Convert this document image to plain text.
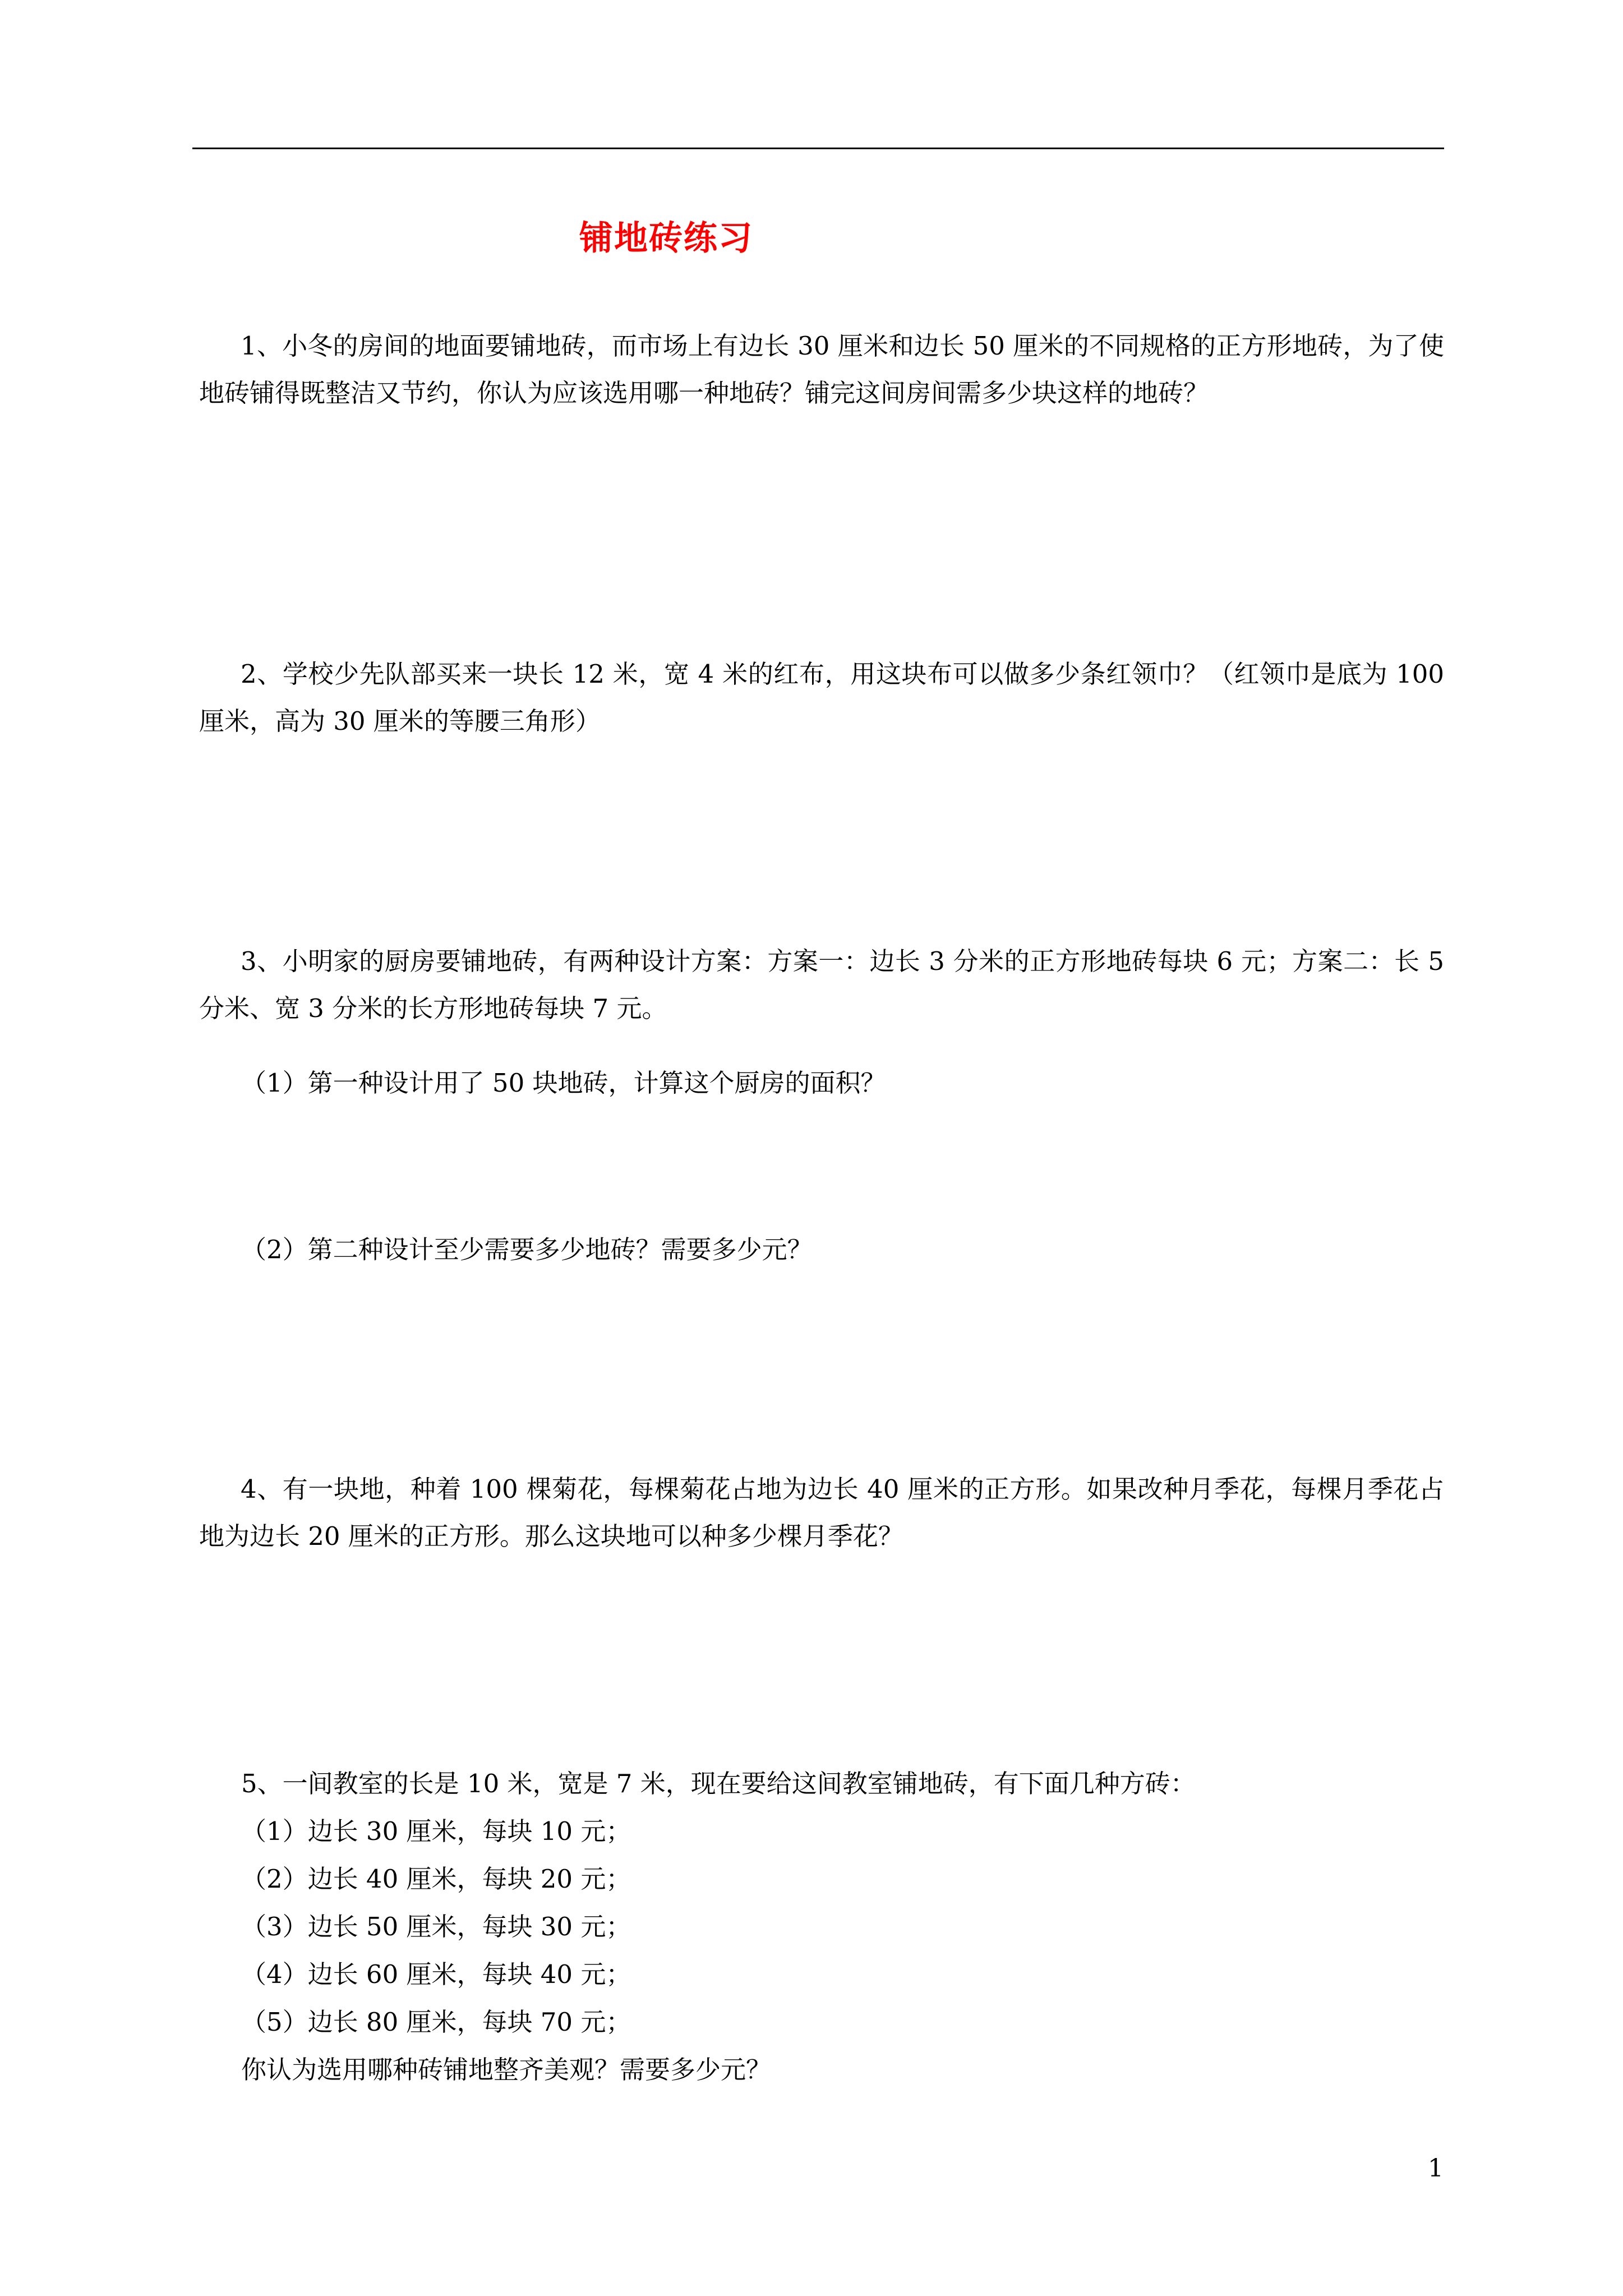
铺地砖练习
1、小冬的房间的地面要铺地砖，而市场上有边长 30 厘米和边长 50 厘米的不同规格的正方形地砖，为了使地砖铺得既整洁又节约，你认为应该选用哪一种地砖？铺完这间房间需多少块这样的地砖？
2、学校少先队部买来一块长 12 米，宽 4 米的红布，用这块布可以做多少条红领巾？（红领巾是底为 100 厘米，高为 30 厘米的等腰三角形）
3、小明家的厨房要铺地砖，有两种设计方案：方案一：边长 3 分米的正方形地砖每块 6 元；方案二：长 5 分米、宽 3 分米的长方形地砖每块 7 元。
（1）第一种设计用了 50 块地砖，计算这个厨房的面积？
（2）第二种设计至少需要多少地砖？需要多少元？
4、有一块地，种着 100 棵菊花，每棵菊花占地为边长 40 厘米的正方形。如果改种月季花，每棵月季花占地为边长 20 厘米的正方形。那么这块地可以种多少棵月季花？
5、一间教室的长是 10 米，宽是 7 米，现在要给这间教室铺地砖，有下面几种方砖：
（1）边长 30 厘米，每块 10 元；
（2）边长 40 厘米，每块 20 元；
（3）边长 50 厘米，每块 30 元；
（4）边长 60 厘米，每块 40 元；
（5）边长 80 厘米，每块 70 元；
你认为选用哪种砖铺地整齐美观？需要多少元？
1
